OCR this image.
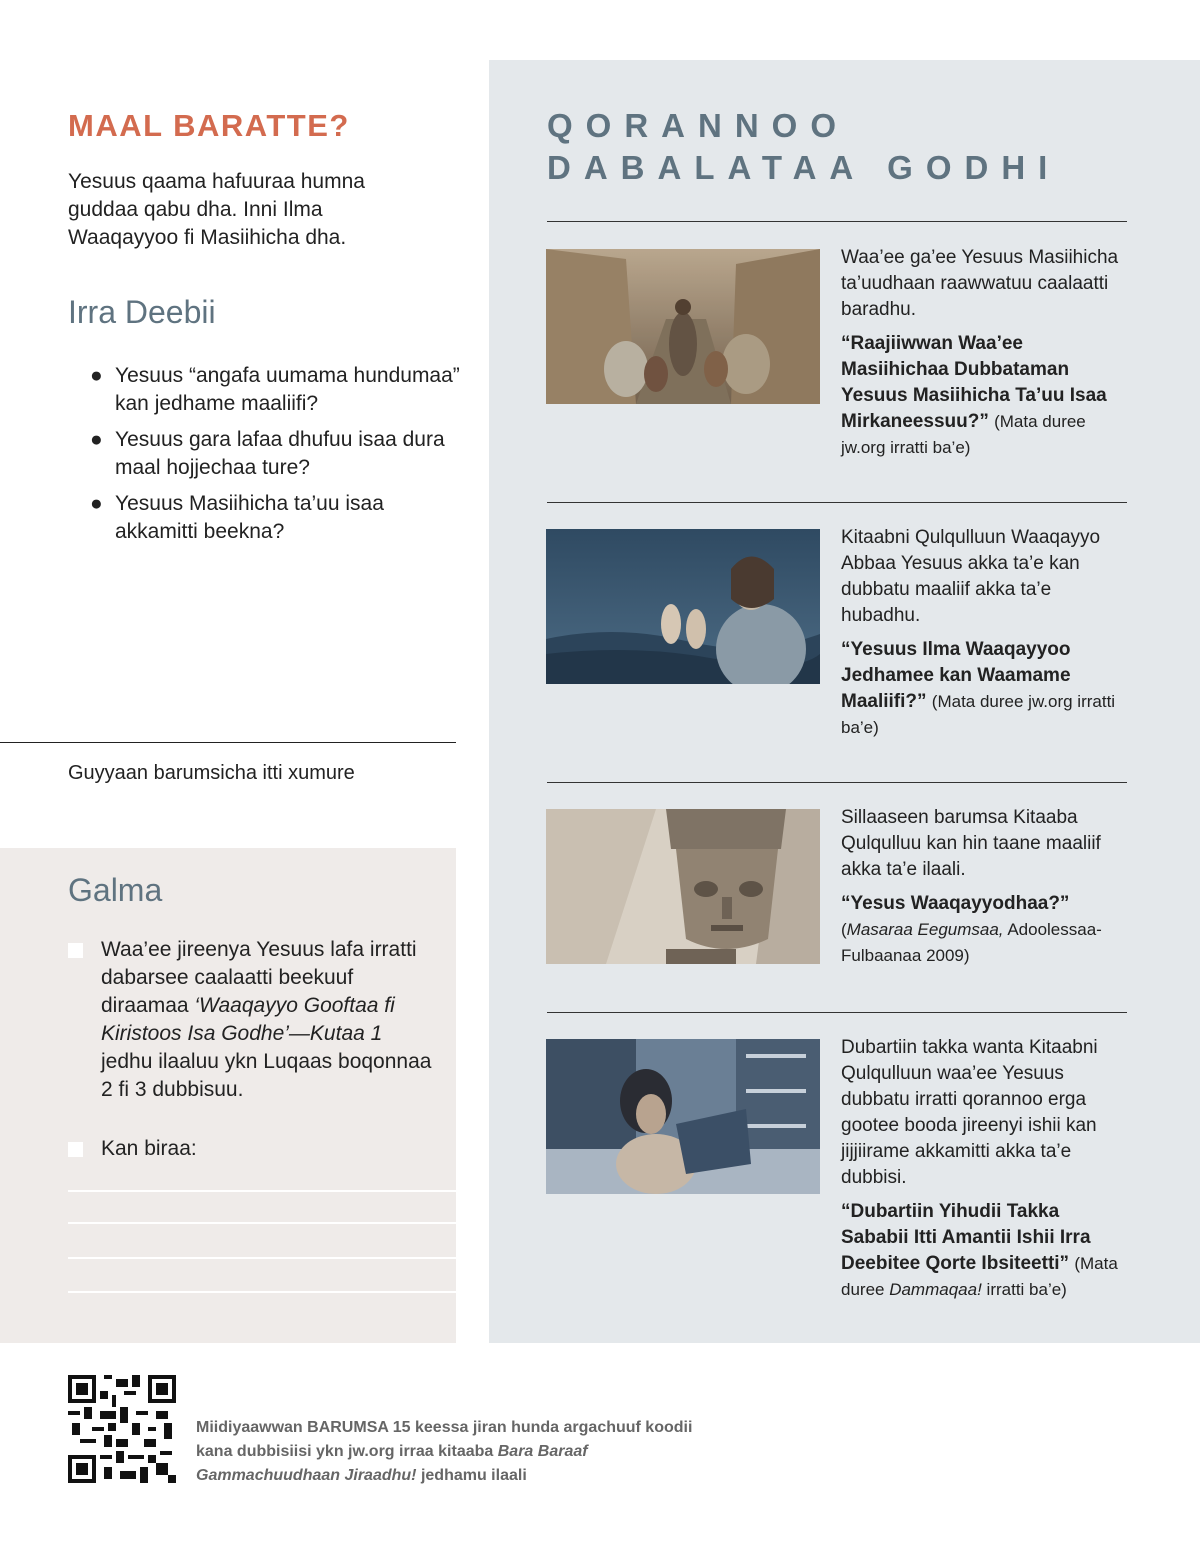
MAAL BARATTE?
Yesuus qaama hafuuraa humna guddaa qabu dha. Inni Ilma Waaqayyoo fi Masiihicha dha.
Irra Deebii
● Yesuus “angafa uumama hundumaa” kan jedhame maaliifi?
● Yesuus gara lafaa dhufuu isaa dura maal hojjechaa ture?
● Yesuus Masiihicha ta’uu isaa akkamitti beekna?
Guyyaan barumsicha itti xumure
Galma
Waa’ee jireenya Yesuus lafa irratti dabarsee caalaatti beekuuf diraamaa ‘Waaqayyo Gooftaa fi Kiristoos Isa Godhe’—Kutaa 1 jedhu ilaaluu ykn Luqaas boqonnaa 2 fi 3 dubbisuu.
Kan biraa:
QORANNOO
DABALATAA GODHI

Waa’ee ga’ee Yesuus Masiihicha ta’uudhaan raawwatuu caalaatti baradhu.

“Raajiiwwan Waa’ee Masiihichaa Dubbataman Yesuus Masiihicha Ta’uu Isaa Mirkaneessuu?” (Mata duree jw.org irratti ba’e)

Kitaabni Qulqulluun Waaqayyo Abbaa Yesuus akka ta’e kan dubbatu maaliif akka ta’e hubadhu.

“Yesuus Ilma Waaqayyoo Jedhamee kan Waamame Maaliifi?” (Mata duree jw.org irratti ba’e)

Sillaaseen barumsa Kitaaba Qulqulluu kan hin taane maaliif akka ta’e ilaali.

“Yesus Waaqayyodhaa?” (Masaraa Eegumsaa, Adoolessaa-Fulbaanaa 2009)

Dubartiin takka wanta Kitaabni Qulqulluun waa’ee Yesuus dubbatu irratti qorannoo erga gootee booda jireenyi ishii kan jijjiirame akkamitti akka ta’e dubbisi.

“Dubartiin Yihudii Takka Sababii Itti Amantii Ishii Irra Deebitee Qorte Ibsiteetti” (Mata duree Dammaqaa! irratti ba’e)

Miidiyaawwan BARUMSA 15 keessa jiran hunda argachuuf koodii kana dubbisiisi ykn jw.org irraa kitaaba Bara Baraaf Gammachuudhaan Jiraadhu! jedhamu ilaali
